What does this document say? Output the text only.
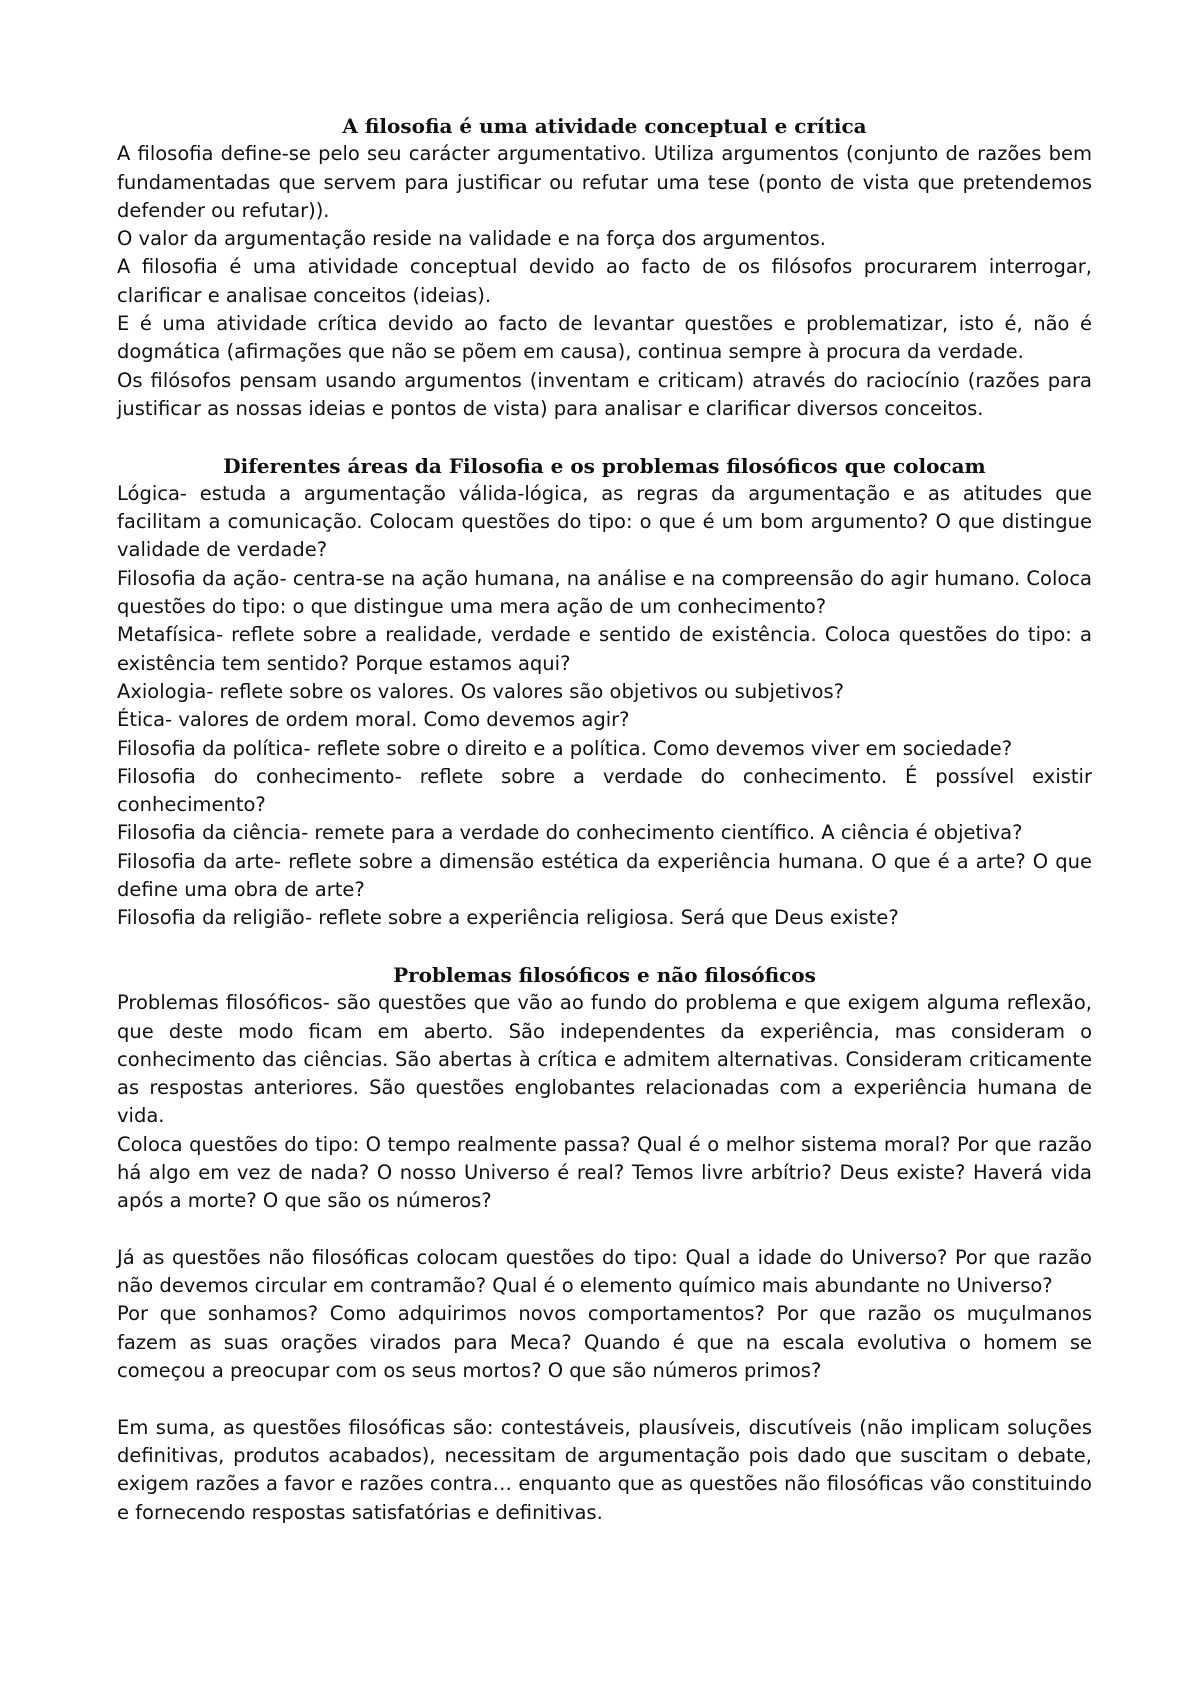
A filosofia é uma atividade conceptual e crítica

A filosofia define-se pelo seu carácter argumentativo. Utiliza argumentos (conjunto de razões bem fundamentadas que servem para justificar ou refutar uma tese (ponto de vista que pretendemos defender ou refutar)).

O valor da argumentação reside na validade e na força dos argumentos.

A filosofia é uma atividade conceptual devido ao facto de os filósofos procurarem interrogar, clarificar e analisae conceitos (ideias).

E é uma atividade crítica devido ao facto de levantar questões e problematizar, isto é, não é dogmática (afirmações que não se põem em causa), continua sempre à procura da verdade.

Os filósofos pensam usando argumentos (inventam e criticam) através do raciocínio (razões para justificar as nossas ideias e pontos de vista) para analisar e clarificar diversos conceitos.

Diferentes áreas da Filosofia e os problemas filosóficos que colocam

Lógica- estuda a argumentação válida-lógica, as regras da argumentação e as atitudes que facilitam a comunicação. Colocam questões do tipo: o que é um bom argumento? O que distingue validade de verdade?

Filosofia da ação- centra-se na ação humana, na análise e na compreensão do agir humano. Coloca questões do tipo: o que distingue uma mera ação de um conhecimento?

Metafísica- reflete sobre a realidade, verdade e sentido de existência. Coloca questões do tipo: a existência tem sentido? Porque estamos aqui?

Axiologia- reflete sobre os valores. Os valores são objetivos ou subjetivos?

Ética- valores de ordem moral. Como devemos agir?

Filosofia da política- reflete sobre o direito e a política. Como devemos viver em sociedade?

Filosofia do conhecimento- reflete sobre a verdade do conhecimento. É possível existir conhecimento?

Filosofia da ciência- remete para a verdade do conhecimento científico. A ciência é objetiva?

Filosofia da arte- reflete sobre a dimensão estética da experiência humana. O que é a arte? O que define uma obra de arte?

Filosofia da religião- reflete sobre a experiência religiosa. Será que Deus existe?

Problemas filosóficos e não filosóficos

Problemas filosóficos- são questões que vão ao fundo do problema e que exigem alguma reflexão, que deste modo ficam em aberto. São independentes da experiência, mas consideram o conhecimento das ciências. São abertas à crítica e admitem alternativas. Consideram criticamente as respostas anteriores. São questões englobantes relacionadas com a experiência humana de vida.

Coloca questões do tipo: O tempo realmente passa? Qual é o melhor sistema moral? Por que razão há algo em vez de nada? O nosso Universo é real? Temos livre arbítrio? Deus existe? Haverá vida após a morte? O que são os números?

Já as questões não filosóficas colocam questões do tipo: Qual a idade do Universo? Por que razão não devemos circular em contramão? Qual é o elemento químico mais abundante no Universo?

Por que sonhamos? Como adquirimos novos comportamentos? Por que razão os muçulmanos fazem as suas orações virados para Meca? Quando é que na escala evolutiva o homem se começou a preocupar com os seus mortos? O que são números primos?

Em suma, as questões filosóficas são: contestáveis, plausíveis, discutíveis (não implicam soluções definitivas, produtos acabados), necessitam de argumentação pois dado que suscitam o debate, exigem razões a favor e razões contra… enquanto que as questões não filosóficas vão constituindo e fornecendo respostas satisfatórias e definitivas.
